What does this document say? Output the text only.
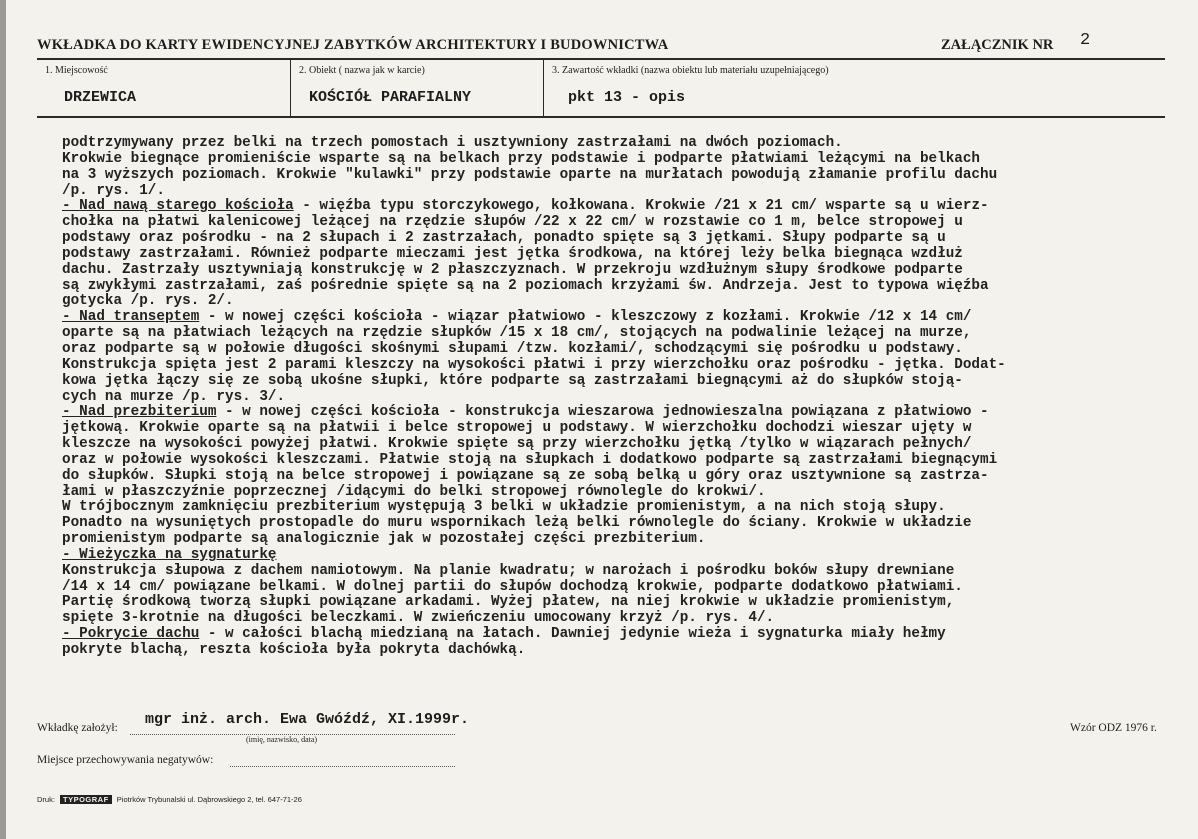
WKŁADKA DO KARTY EWIDENCYJNEJ ZABYTKÓW ARCHITEKTURY I BUDOWNICTWA	ZAŁĄCZNIK NR 2
1. Miejscowość
DRZEWICA
2. Obiekt ( nazwa jak w karcie)
KOŚCIÓŁ PARAFIALNY
3. Zawartość wkładki (nazwa obiektu lub materiału uzupełniającego)
pkt 13 - opis
podtrzymywany przez belki na trzech pomostach i usztywniony zastrzałami na dwóch poziomach.
Krokwie biegnące promieniście wsparte są na belkach przy podstawie i podparte płatwiami leżącymi na belkach
na 3 wyższych poziomach. Krokwie "kulawki" przy podstawie oparte na murłatach powodują złamanie profilu dachu
/p. rys. 1/.
- Nad nawą starego kościoła - więźba typu storczykowego, kołkowana. Krokwie /21 x 21 cm/ wsparte są u wierz-
chołka na płatwi kalenicowej leżącej na rzędzie słupów /22 x 22 cm/ w rozstawie co 1 m, belce stropowej u
podstawy oraz pośrodku - na 2 słupach i 2 zastrzałach, ponadto spięte są 3 jętkami. Słupy podparte są u
podstawy zastrzałami. Również podparte mieczami jest jętka środkowa, na której leży belka biegnąca wzdłuż
dachu. Zastrzały usztywniają konstrukcję w 2 płaszczyznach. W przekroju wzdłużnym słupy środkowe podparte
są zwykłymi zastrzałami, zaś pośrednie spięte są na 2 poziomach krzyżami św. Andrzeja. Jest to typowa więźba
gotycka /p. rys. 2/.
- Nad transeptem - w nowej części kościoła - wiązar płatwiowo - kleszczowy z kozłami. Krokwie /12 x 14 cm/
oparte są na płatwiach leżących na rzędzie słupków /15 x 18 cm/, stojących na podwalinie leżącej na murze,
oraz podparte są w połowie długości skośnymi słupami /tzw. kozłami/, schodzącymi się pośrodku u podstawy.
Konstrukcja spięta jest 2 parami kleszczy na wysokości płatwi i przy wierzchołku oraz pośrodku - jętka. Dodat-
kowa jętka łączy się ze sobą ukośne słupki, które podparte są zastrzałami biegnącymi aż do słupków stoją-
cych na murze /p. rys. 3/.
- Nad prezbiterium - w nowej części kościoła - konstrukcja wieszarowa jednowieszalna powiązana z płatwiowo -
jętkową. Krokwie oparte są na płatwii i belce stropowej u podstawy. W wierzchołku dochodzi wieszar ujęty w
kleszcze na wysokości powyżej płatwi. Krokwie spięte są przy wierzchołku jętką /tylko w wiązarach pełnych/
oraz w połowie wysokości kleszczami. Płatwie stoją na słupkach i dodatkowo podparte są zastrzałami biegnącymi
do słupków. Słupki stoją na belce stropowej i powiązane są ze sobą belką u góry oraz usztywnione są zastrza-
łami w płaszczyźnie poprzecznej /idącymi do belki stropowej równolegle do krokwi/.
W trójbocznym zamknięciu prezbiterium występują 3 belki w układzie promienistym, a na nich stoją słupy.
Ponadto na wysuniętych prostopadle do muru wspornikach leżą belki równolegle do ściany. Krokwie w układzie
promienistym podparte są analogicznie jak w pozostałej części prezbiterium.
- Wieżyczka na sygnaturkę
Konstrukcja słupowa z dachem namiotowym. Na planie kwadratu; w narożach i pośrodku boków słupy drewniane
/14 x 14 cm/ powiązane belkami. W dolnej partii do słupów dochodzą krokwie, podparte dodatkowo płatwiami.
Partię środkową tworzą słupki powiązane arkadami. Wyżej płatew, na niej krokwie w układzie promienistym,
spięte 3-krotnie na długości beleczkami. W zwieńczeniu umocowany krzyż /p. rys. 4/.
- Pokrycie dachu - w całości blachą miedzianą na łatach. Dawniej jedynie wieża i sygnaturka miały hełmy
pokryte blachą, reszta kościoła była pokryta dachówką.
Wkładkę założył: mgr inż. arch. Ewa Gwóźdź, XI.1999r.
(imię, nazwisko, data)
Wzór ODZ 1976 r.
Miejsce przechowywania negatywów:
Druk: TYPOGRAF Piotrków Trybunalski ul. Dąbrowskiego 2, tel. 647-71-26
